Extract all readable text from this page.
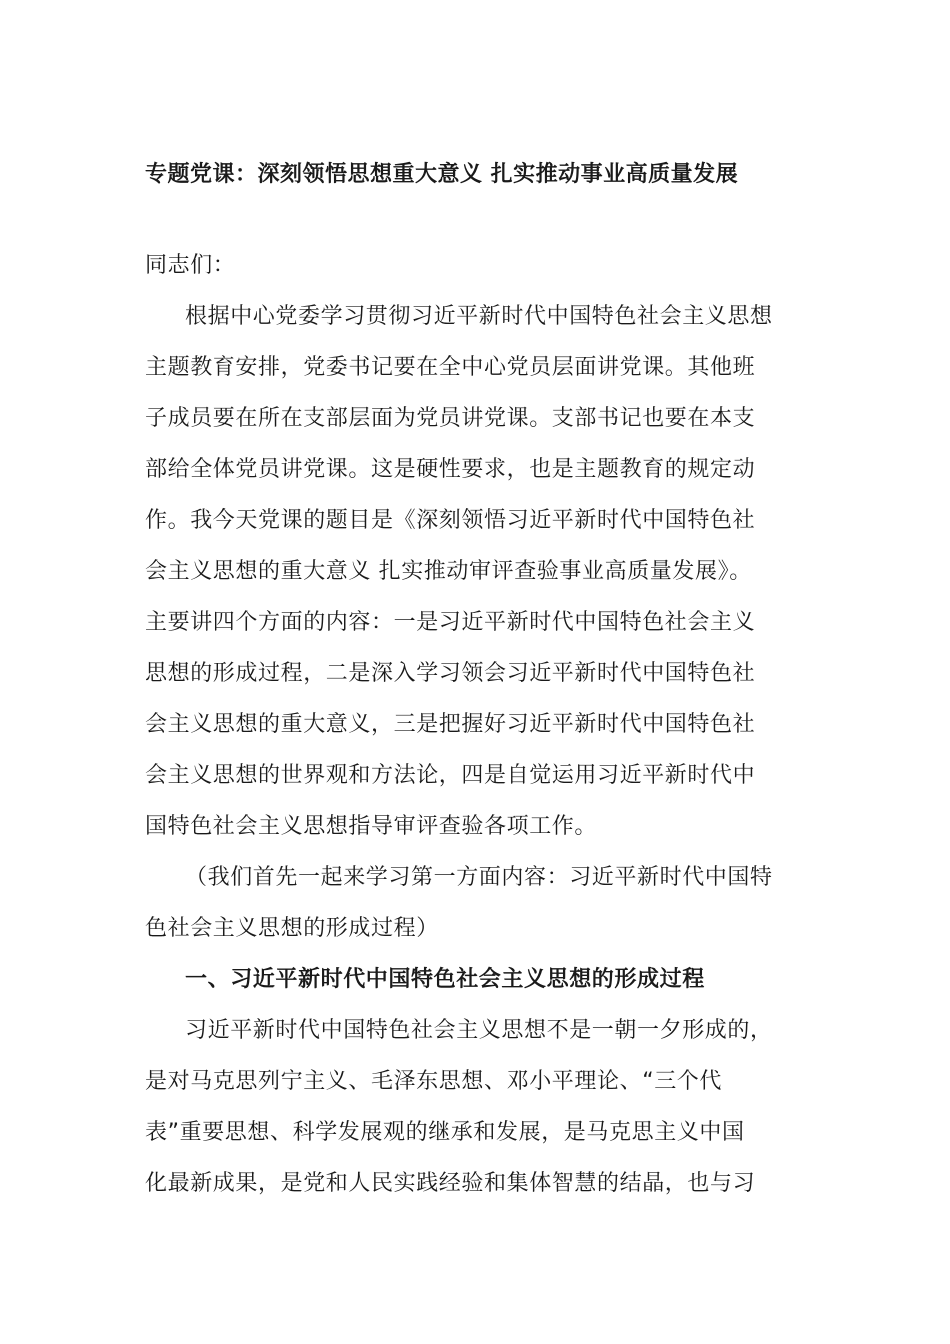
专题党课：深刻领悟思想重大意义 扎实推动事业高质量发展
同志们：
根据中心党委学习贯彻习近平新时代中国特色社会主义思想
主题教育安排，党委书记要在全中心党员层面讲党课。其他班
子成员要在所在支部层面为党员讲党课。支部书记也要在本支
部给全体党员讲党课。这是硬性要求，也是主题教育的规定动
作。我今天党课的题目是《深刻领悟习近平新时代中国特色社
会主义思想的重大意义 扎实推动审评查验事业高质量发展》。
主要讲四个方面的内容：一是习近平新时代中国特色社会主义
思想的形成过程，二是深入学习领会习近平新时代中国特色社
会主义思想的重大意义，三是把握好习近平新时代中国特色社
会主义思想的世界观和方法论，四是自觉运用习近平新时代中
国特色社会主义思想指导审评查验各项工作。
（我们首先一起来学习第一方面内容：习近平新时代中国特
色社会主义思想的形成过程）
一、习近平新时代中国特色社会主义思想的形成过程
习近平新时代中国特色社会主义思想不是一朝一夕形成的，
是对马克思列宁主义、毛泽东思想、邓小平理论、“三个代
表”重要思想、科学发展观的继承和发展，是马克思主义中国
化最新成果，是党和人民实践经验和集体智慧的结晶，也与习
